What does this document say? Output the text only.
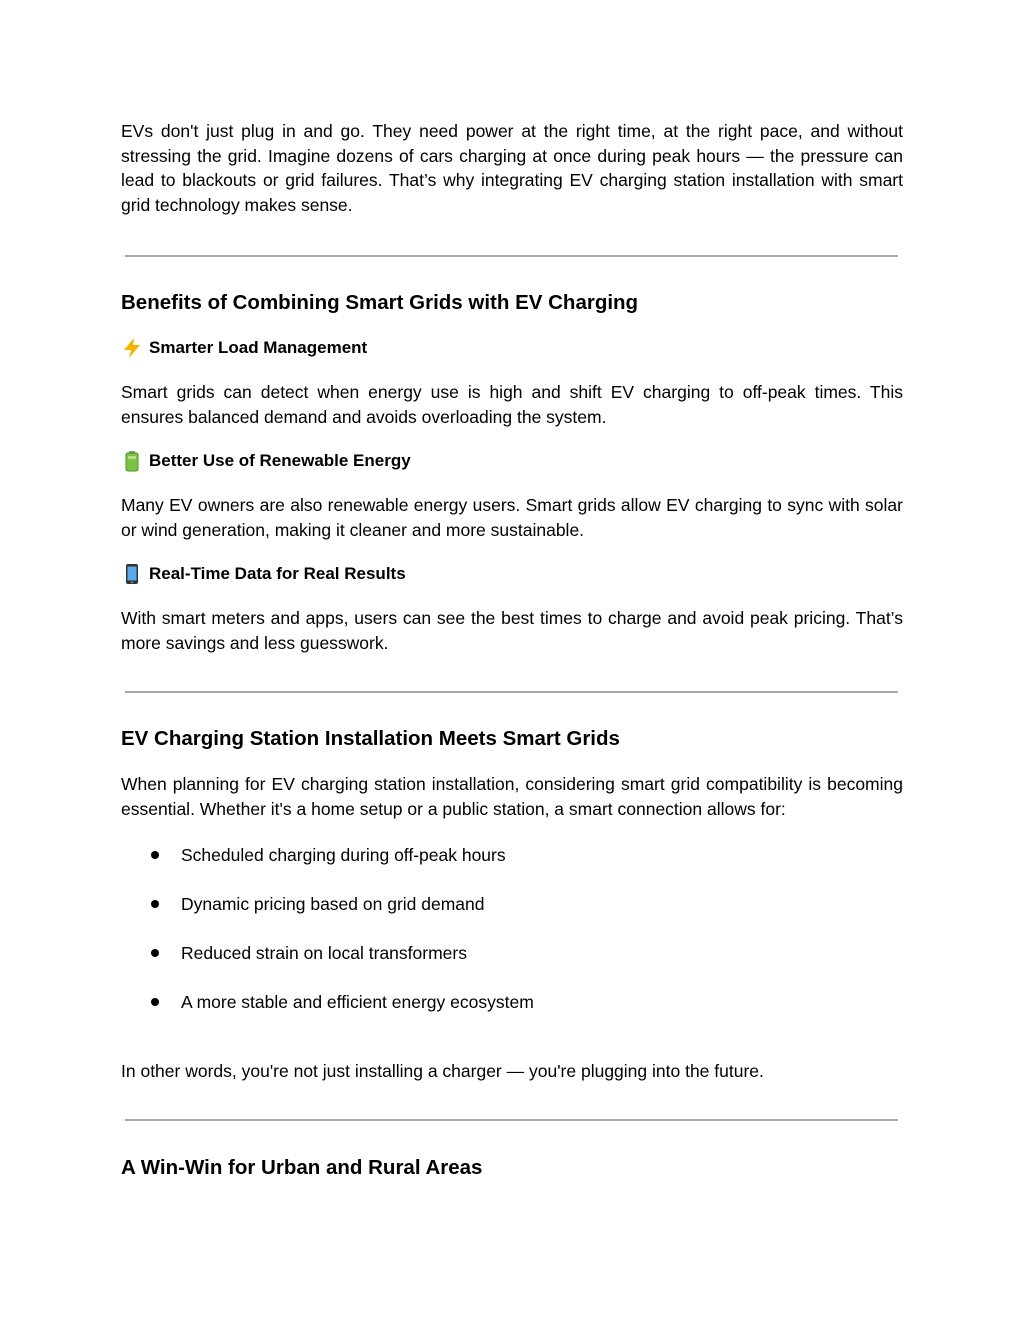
EVs don't just plug in and go. They need power at the right time, at the right pace, and without stressing the grid. Imagine dozens of cars charging at once during peak hours — the pressure can lead to blackouts or grid failures. That’s why integrating EV charging station installation with smart grid technology makes sense.

Benefits of Combining Smart Grids with EV Charging
Smarter Load Management

Smart grids can detect when energy use is high and shift EV charging to off-peak times. This ensures balanced demand and avoids overloading the system.

Better Use of Renewable Energy

Many EV owners are also renewable energy users. Smart grids allow EV charging to sync with solar or wind generation, making it cleaner and more sustainable.

Real-Time Data for Real Results

With smart meters and apps, users can see the best times to charge and avoid peak pricing. That’s more savings and less guesswork.

EV Charging Station Installation Meets Smart Grids

When planning for EV charging station installation, considering smart grid compatibility is becoming essential. Whether it's a home setup or a public station, a smart connection allows for:

Scheduled charging during off-peak hours
Dynamic pricing based on grid demand
Reduced strain on local transformers
A more stable and efficient energy ecosystem

In other words, you're not just installing a charger — you're plugging into the future.

A Win-Win for Urban and Rural Areas
